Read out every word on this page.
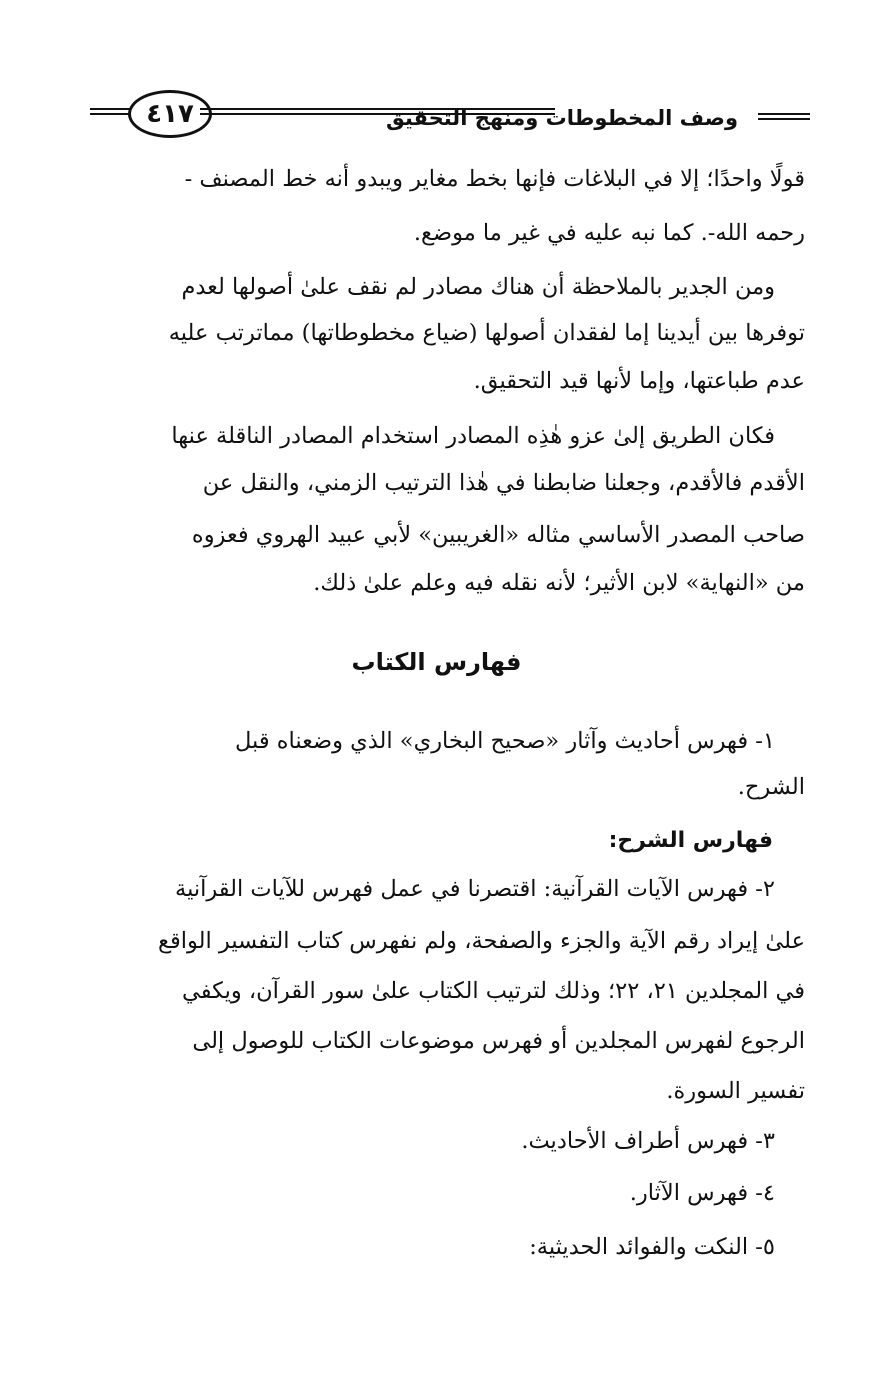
٤١٧	وصف المخطوطات ومنهج التحقيق
قولًا واحدًا؛ إلا في البلاغات فإنها بخط مغاير ويبدو أنه خط المصنف -
رحمه الله-. كما نبه عليه في غير ما موضع.
ومن الجدير بالملاحظة أن هناك مصادر لم نقف علىٰ أصولها لعدم
توفرها بين أيدينا إما لفقدان أصولها (ضياع مخطوطاتها) مماترتب عليه
عدم طباعتها، وإما لأنها قيد التحقيق.
فكان الطريق إلىٰ عزو هٰذِه المصادر استخدام المصادر الناقلة عنها
الأقدم فالأقدم، وجعلنا ضابطنا في هٰذا الترتيب الزمني، والنقل عن
صاحب المصدر الأساسي مثاله «الغريبين» لأبي عبيد الهروي فعزوه
من «النهاية» لابن الأثير؛ لأنه نقله فيه وعلم علىٰ ذلك.
فهارس الكتاب
١- فهرس أحاديث وآثار «صحيح البخاري» الذي وضعناه قبل
الشرح.
فهارس الشرح:
٢- فهرس الآيات القرآنية: اقتصرنا في عمل فهرس للآيات القرآنية
علىٰ إيراد رقم الآية والجزء والصفحة، ولم نفهرس كتاب التفسير الواقع
في المجلدين ٢١، ٢٢؛ وذلك لترتيب الكتاب علىٰ سور القرآن، ويكفي
الرجوع لفهرس المجلدين أو فهرس موضوعات الكتاب للوصول إلى
تفسير السورة.
٣- فهرس أطراف الأحاديث.
٤- فهرس الآثار.
٥- النكت والفوائد الحديثية:
